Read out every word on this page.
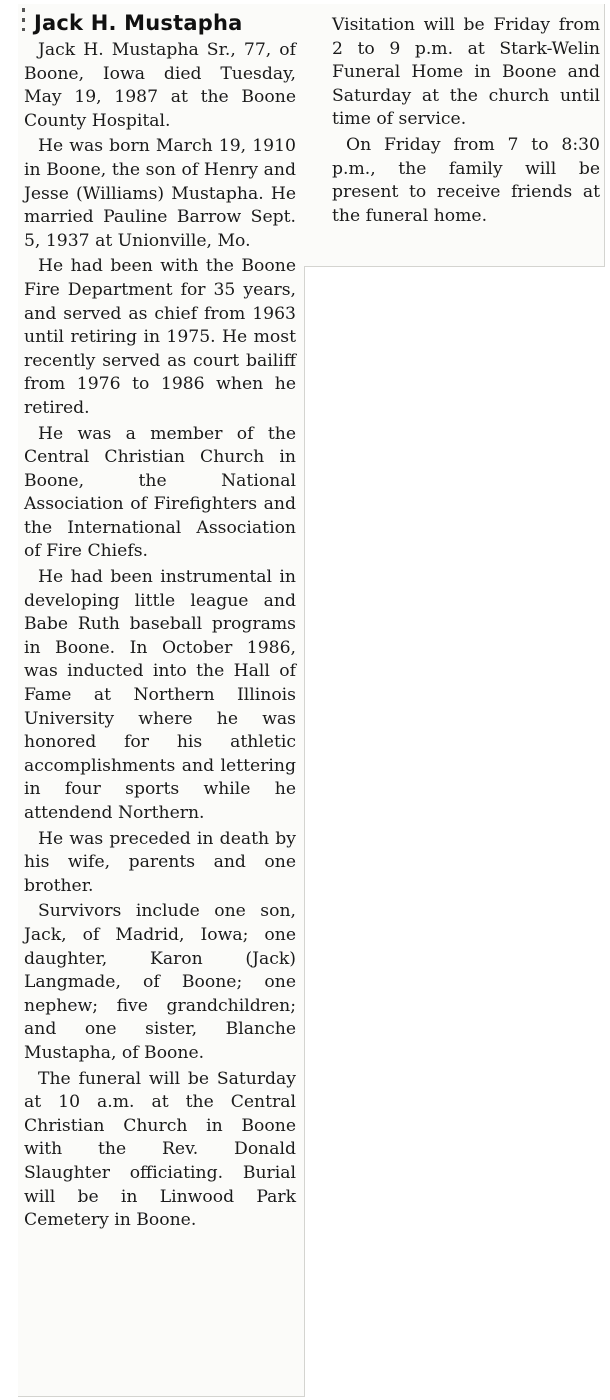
Jack H. Mustapha

Jack H. Mustapha Sr., 77, of Boone, Iowa died Tuesday, May 19, 1987 at the Boone County Hospital.

He was born March 19, 1910 in Boone, the son of Henry and Jesse (Williams) Mustapha. He married Pauline Barrow Sept. 5, 1937 at Unionville, Mo.

He had been with the Boone Fire Department for 35 years, and served as chief from 1963 until retiring in 1975. He most recently served as court bailiff from 1976 to 1986 when he retired.

He was a member of the Central Christian Church in Boone, the National Association of Firefighters and the International Association of Fire Chiefs.

He had been instrumental in developing little league and Babe Ruth baseball programs in Boone. In October 1986, was inducted into the Hall of Fame at Northern Illinois University where he was honored for his athletic accomplishments and lettering in four sports while he attendend Northern.

He was preceded in death by his wife, parents and one brother.

Survivors include one son, Jack, of Madrid, Iowa; one daughter, Karon (Jack) Langmade, of Boone; one nephew; five grandchildren; and one sister, Blanche Mustapha, of Boone.

The funeral will be Saturday at 10 a.m. at the Central Christian Church in Boone with the Rev. Donald Slaughter officiating. Burial will be in Linwood Park Cemetery in Boone.

Visitation will be Friday from 2 to 9 p.m. at Stark-Welin Funeral Home in Boone and Saturday at the church until time of service.

On Friday from 7 to 8:30 p.m., the family will be present to receive friends at the funeral home.
